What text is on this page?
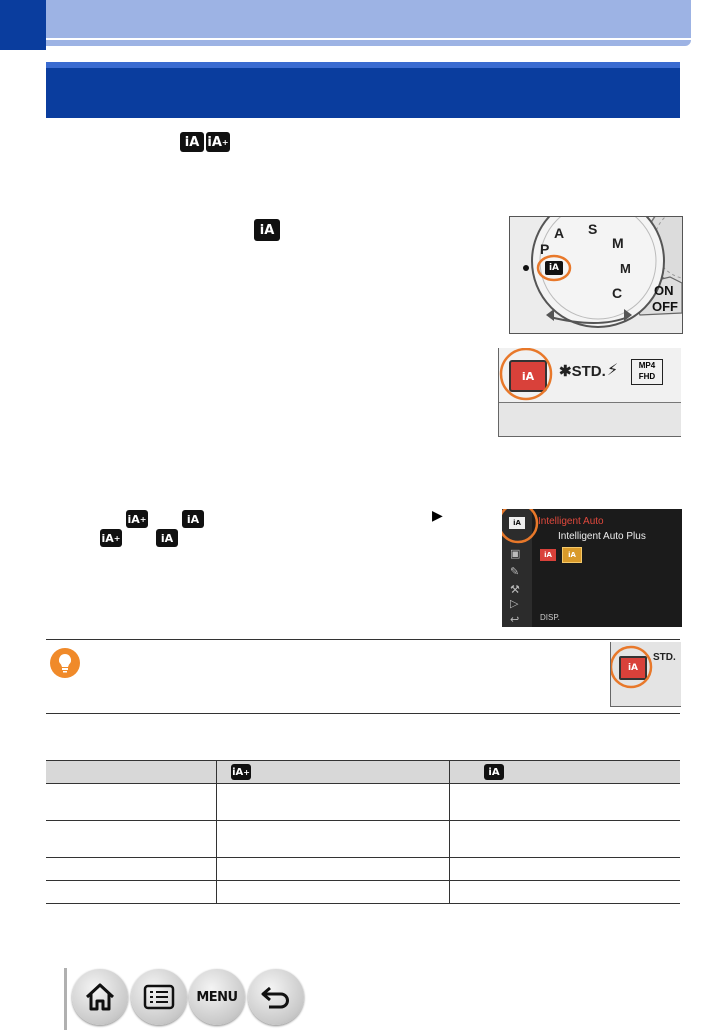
iA iA +
iA
iA
P
A S
M
M
C ON
OFF
iA ✱STD. ⚡	MP4
FHD
iA +	iA	▶
iA +	iA
iA
▣
✎
⚒
▷
↩
Intelligent Auto
Intelligent Auto Plus
iA	iA
DISP.
iA
STD.

	iA +	iA

MENU
